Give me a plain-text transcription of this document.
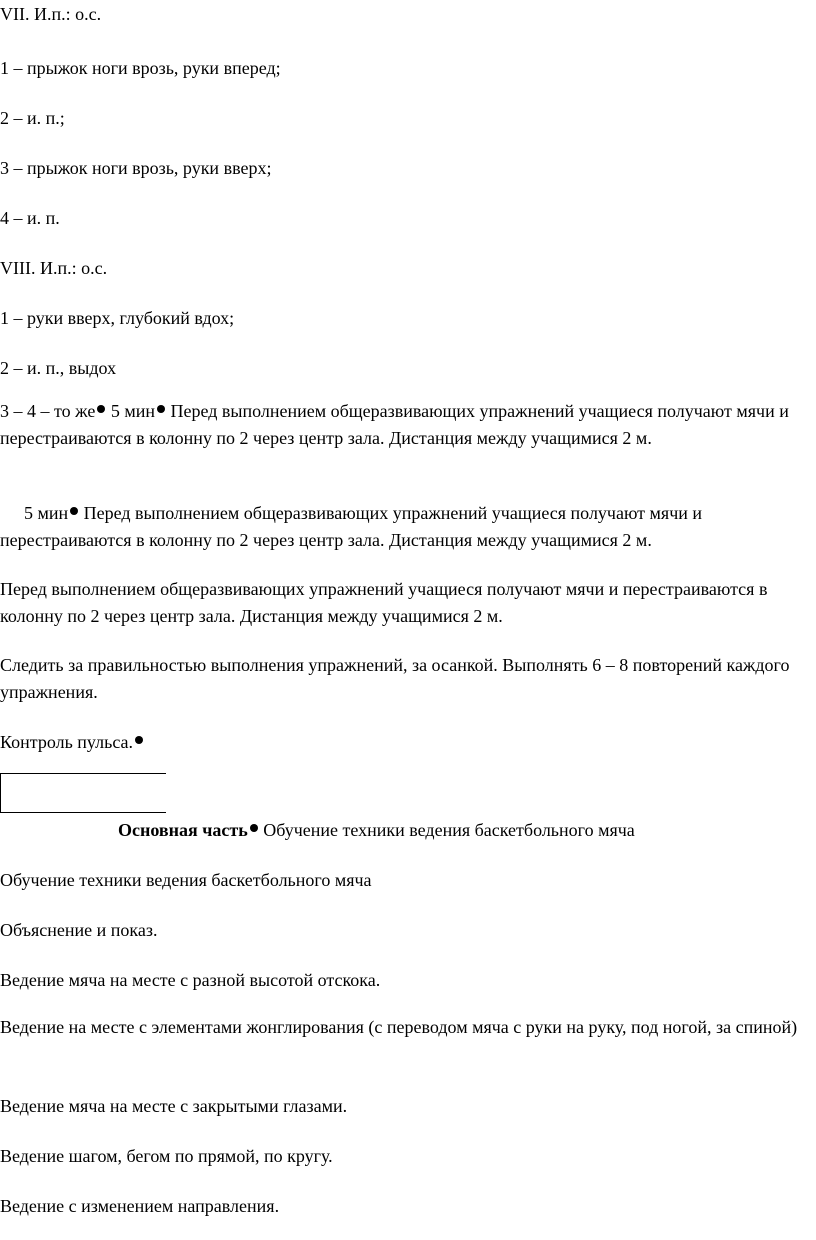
VII. И.п.: о.с.
1 – прыжок ноги врозь, руки вперед;
2 – и. п.;
3 – прыжок ноги врозь, руки вверх;
4 – и. п.
VIII. И.п.: о.с.
1 – руки вверх, глубокий вдох;
2 – и. п., выдох
3 – 4 – то же 5 мин Перед выполнением общеразвивающих упражнений учащиеся получают мячи и перестраиваются в колонну по 2 через центр зала. Дистанция между учащимися 2 м.
5 мин Перед выполнением общеразвивающих упражнений учащиеся получают мячи и перестраиваются в колонну по 2 через центр зала. Дистанция между учащимися 2 м.
Перед выполнением общеразвивающих упражнений учащиеся получают мячи и перестраиваются в колонну по 2 через центр зала. Дистанция между учащимися 2 м.
Следить за правильностью выполнения упражнений, за осанкой. Выполнять 6 – 8 повторений каждого упражнения.
Контроль пульса.
Основная часть Обучение техники ведения баскетбольного мяча
Обучение техники ведения баскетбольного мяча
Объяснение и показ.
Ведение мяча на месте с разной высотой отскока.
Ведение на месте с элементами жонглирования (с переводом мяча с руки на руку, под ногой, за спиной)
Ведение мяча на месте с закрытыми глазами.
Ведение шагом, бегом по прямой, по кругу.
Ведение с изменением направления.
